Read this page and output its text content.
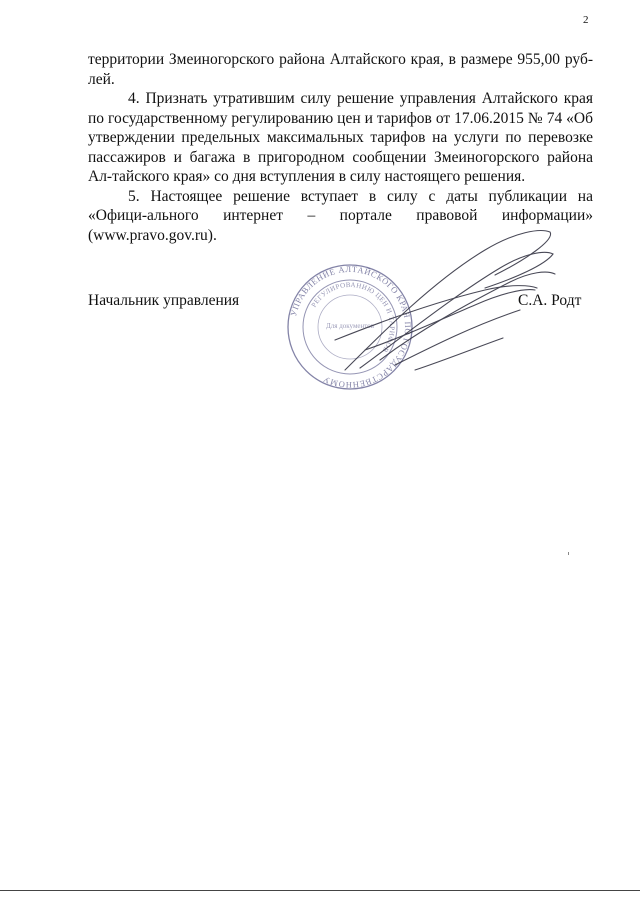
2

территории Змеиногорского района Алтайского края, в размере 955,00 руб-лей.

4. Признать утратившим силу решение управления Алтайского края по государственному регулированию цен и тарифов от 17.06.2015 № 74 «Об утверждении предельных максимальных тарифов на услуги по перевозке пассажиров и багажа в пригородном сообщении Змеиногорского района Ал-тайского края» со дня вступления в силу настоящего решения.

5. Настоящее решение вступает в силу с даты публикации на «Офици-ального интернет – портале правовой информации» (www.pravo.gov.ru).

Начальник управления
УПРАВЛЕНИЕ АЛТАЙСКОГО КРАЯ ПО ГОСУДАРСТВЕННОМУ
РЕГУЛИРОВАНИЮ ЦЕН И ТАРИФОВ
Для документов
С.А. Родт
